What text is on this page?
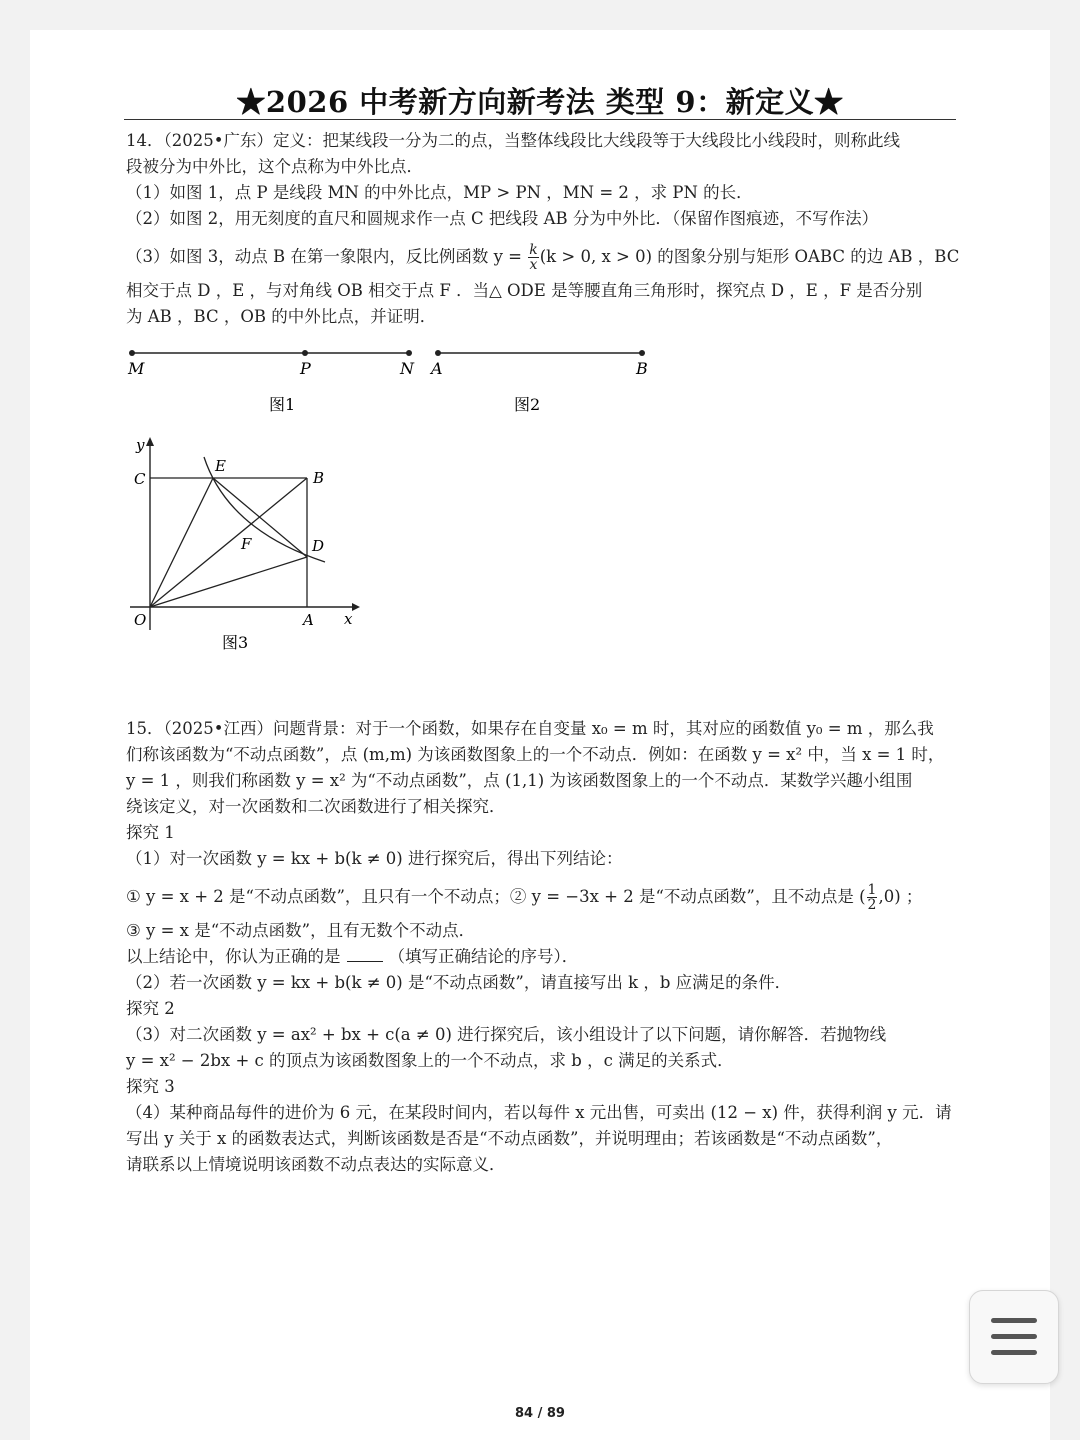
★2026 中考新方向新考法 类型 9：新定义★

14．（2025•广东）定义：把某线段一分为二的点，当整体线段比大线段等于大线段比小线段时，则称此线

段被分为中外比，这个点称为中外比点．

（1）如图 1，点 P 是线段 MN 的中外比点，MP > PN ，MN = 2 ，求 PN 的长．

（2）如图 2，用无刻度的直尺和圆规求作一点 C 把线段 AB 分为中外比．（保留作图痕迹，不写作法）

（3）如图 3，动点 B 在第一象限内，反比例函数 $y = \frac{k}{x} (k > 0$, x > 0) 的图象分别与矩形 OABC 的边 AB ，BC

相交于点 D ，E ，与对角线 OB 相交于点 F ．当△ ODE 是等腰直角三角形时，探究点 D ，E ，F 是否分别

为 AB ，BC ，OB 的中外比点，并证明．

M	P	N
图1
A	B
图2
y
x
O	A
B
C
D
E
F
图3

15．（2025•江西）问题背景：对于一个函数，如果存在自变量 x₀ = m 时，其对应的函数值 y₀ = m ，那么我

们称该函数为“不动点函数”，点 (m,m) 为该函数图象上的一个不动点．例如：在函数 y = x² 中，当 x = 1 时，

y = 1 ，则我们称函数 y = x² 为“不动点函数”，点 (1,1) 为该函数图象上的一个不动点．某数学兴趣小组围

绕该定义，对一次函数和二次函数进行了相关探究．

探究 1

（1）对一次函数 y = kx + b(k ≠ 0) 进行探究后，得出下列结论：

① y = x + 2 是“不动点函数”，且只有一个不动点；② y = −3x + 2 是“不动点函数”，且不动点是 ( $\frac{1}{2} ,0$) ；

③ y = x 是“不动点函数”，且有无数个不动点．

以上结论中，你认为正确的是	（填写正确结论的序号）．

（2）若一次函数 y = kx + b(k ≠ 0) 是“不动点函数”，请直接写出 k ，b 应满足的条件．

探究 2

（3）对二次函数 y = ax² + bx + c(a ≠ 0) 进行探究后，该小组设计了以下问题，请你解答．若抛物线

y = x² − 2bx + c 的顶点为该函数图象上的一个不动点，求 b ，c 满足的关系式．

探究 3

（4）某种商品每件的进价为 6 元，在某段时间内，若以每件 x 元出售，可卖出 (12 − x) 件，获得利润 y 元．请

写出 y 关于 x 的函数表达式，判断该函数是否是“不动点函数”，并说明理由；若该函数是“不动点函数”，

请联系以上情境说明该函数不动点表达的实际意义．

84 / 89
